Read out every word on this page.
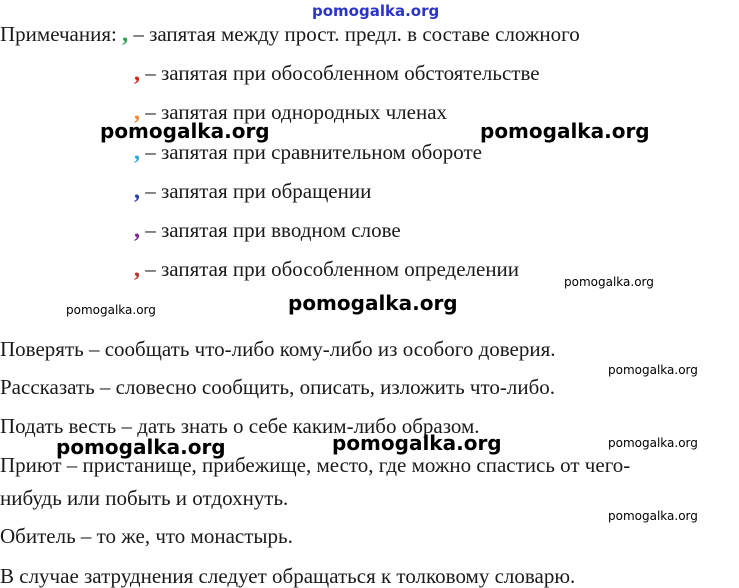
pomogalka.org
Примечания: , – запятая между прост. предл. в составе сложного
, – запятая при обособленном обстоятельстве
, – запятая при однородных членах
, – запятая при сравнительном обороте
, – запятая при обращении
, – запятая при вводном слове
, – запятая при обособленном определении
Поверять – сообщать что-либо кому-либо из особого доверия.
Рассказать – словесно сообщить, описать, изложить что-либо.
Подать весть – дать знать о себе каким-либо образом.
Приют – пристанище, прибежище, место, где можно спастись от чего-
нибудь или побыть и отдохнуть.
Обитель – то же, что монастырь.
В случае затруднения следует обращаться к толковому словарю.
pomogalka.org	pomogalka.org
pomogalka.org
pomogalka.org	pomogalka.org
pomogalka.org
pomogalka.org
pomogalka.org
pomogalka.org
pomogalka.org
